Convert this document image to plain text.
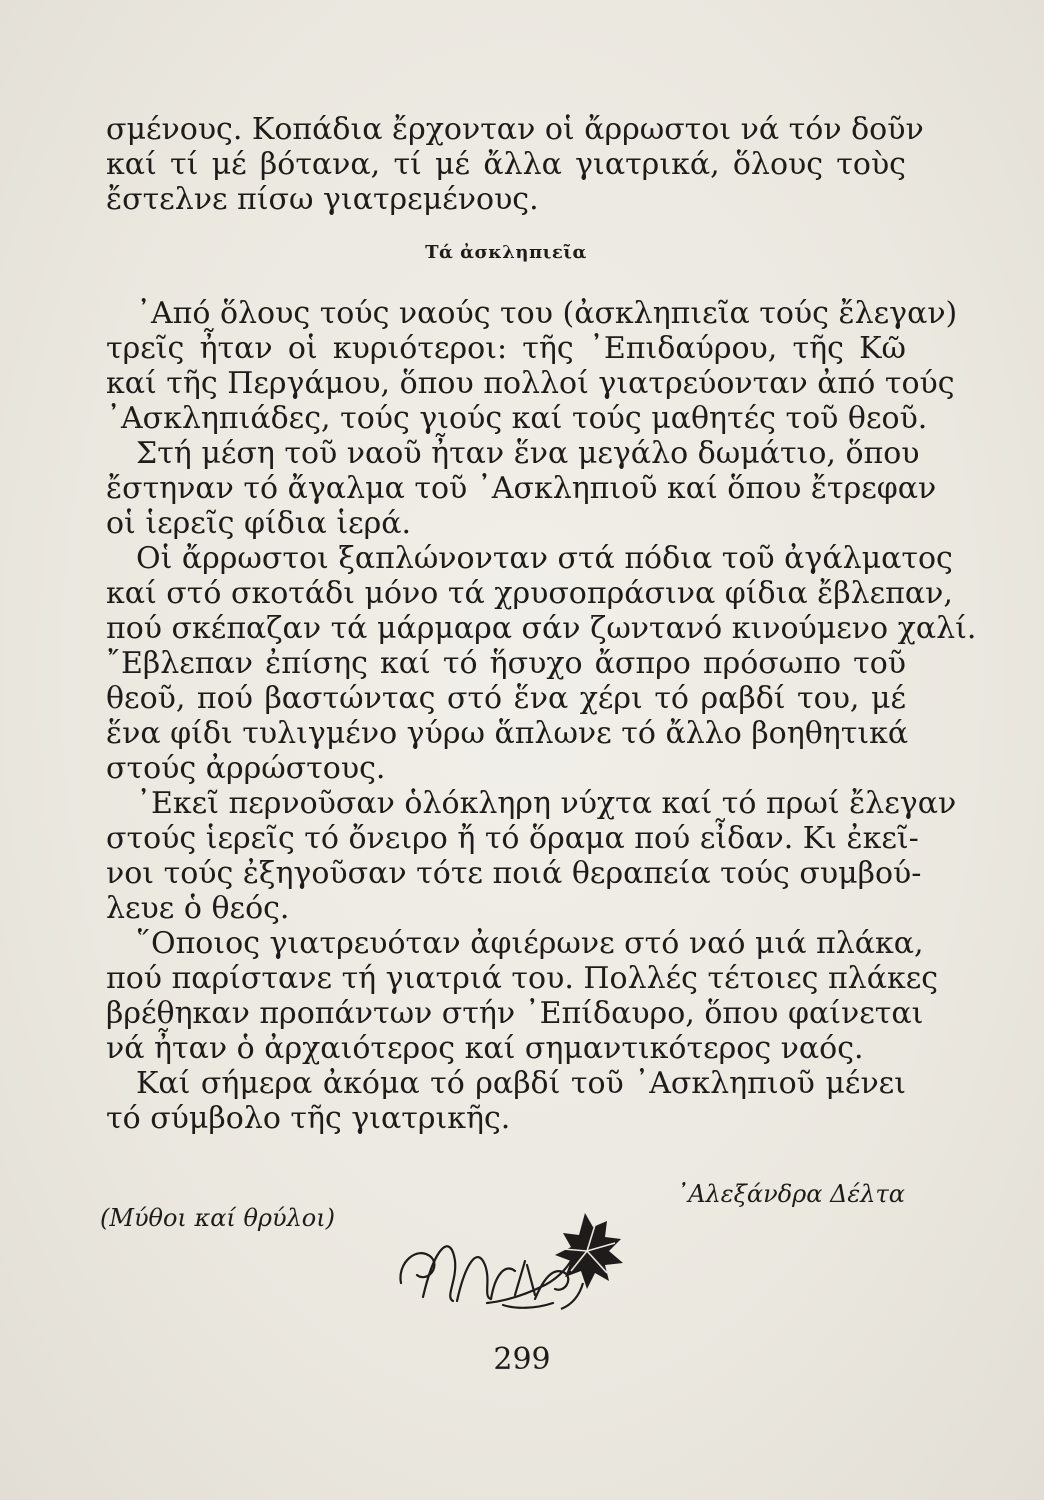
σμένους. Κοπάδια ἔρχονταν οἱ ἄρρωστοι νά τόν δοῦν
καί τί μέ βότανα, τί μέ ἄλλα γιατρικά, ὅλους τοὺς
ἔστελνε πίσω γιατρεμένους.
Τά ἀσκληπιεῖα
᾿Από ὅλους τούς ναούς του (ἀσκληπιεῖα τούς ἔλεγαν)
τρεῖς ἦταν οἱ κυριότεροι: τῆς ᾿Επιδαύρου, τῆς Κῶ
καί τῆς Περγάμου, ὅπου πολλοί γιατρεύονταν ἀπό τούς
᾿Ασκληπιάδες, τούς γιούς καί τούς μαθητές τοῦ θεοῦ.
Στή μέση τοῦ ναοῦ ἦταν ἕνα μεγάλο δωμάτιο, ὅπου
ἔστηναν τό ἄγαλμα τοῦ ᾿Ασκληπιοῦ καί ὅπου ἔτρεφαν
οἱ ἱερεῖς φίδια ἱερά.
Οἱ ἄρρωστοι ξαπλώνονταν στά πόδια τοῦ ἀγάλματος
καί στό σκοτάδι μόνο τά χρυσοπράσινα φίδια ἔβλεπαν,
πού σκέπαζαν τά μάρμαρα σάν ζωντανό κινούμενο χαλί.
῎Εβλεπαν ἐπίσης καί τό ἥσυχο ἄσπρο πρόσωπο τοῦ
θεοῦ, πού βαστώντας στό ἕνα χέρι τό ραβδί του, μέ
ἕνα φίδι τυλιγμένο γύρω ἅπλωνε τό ἄλλο βοηθητικά
στούς ἀρρώστους.
᾿Εκεῖ περνοῦσαν ὁλόκληρη νύχτα καί τό πρωί ἔλεγαν
στούς ἱερεῖς τό ὄνειρο ἤ τό ὅραμα πού εἶδαν. Κι ἐκεῖ-
νοι τούς ἐξηγοῦσαν τότε ποιά θεραπεία τούς συμβού-
λευε ὁ θεός.
῞Οποιος γιατρευόταν ἀφιέρωνε στό ναό μιά πλάκα,
πού παρίστανε τή γιατριά του. Πολλές τέτοιες πλάκες
βρέθηκαν προπάντων στήν ᾿Επίδαυρο, ὅπου φαίνεται
νά ἦταν ὁ ἀρχαιότερος καί σημαντικότερος ναός.
Καί σήμερα ἀκόμα τό ραβδί τοῦ ᾿Ασκληπιοῦ μένει
τό σύμβολο τῆς γιατρικῆς.
᾿Αλεξάνδρα Δέλτα
(Μύθοι καί θρύλοι)
299
